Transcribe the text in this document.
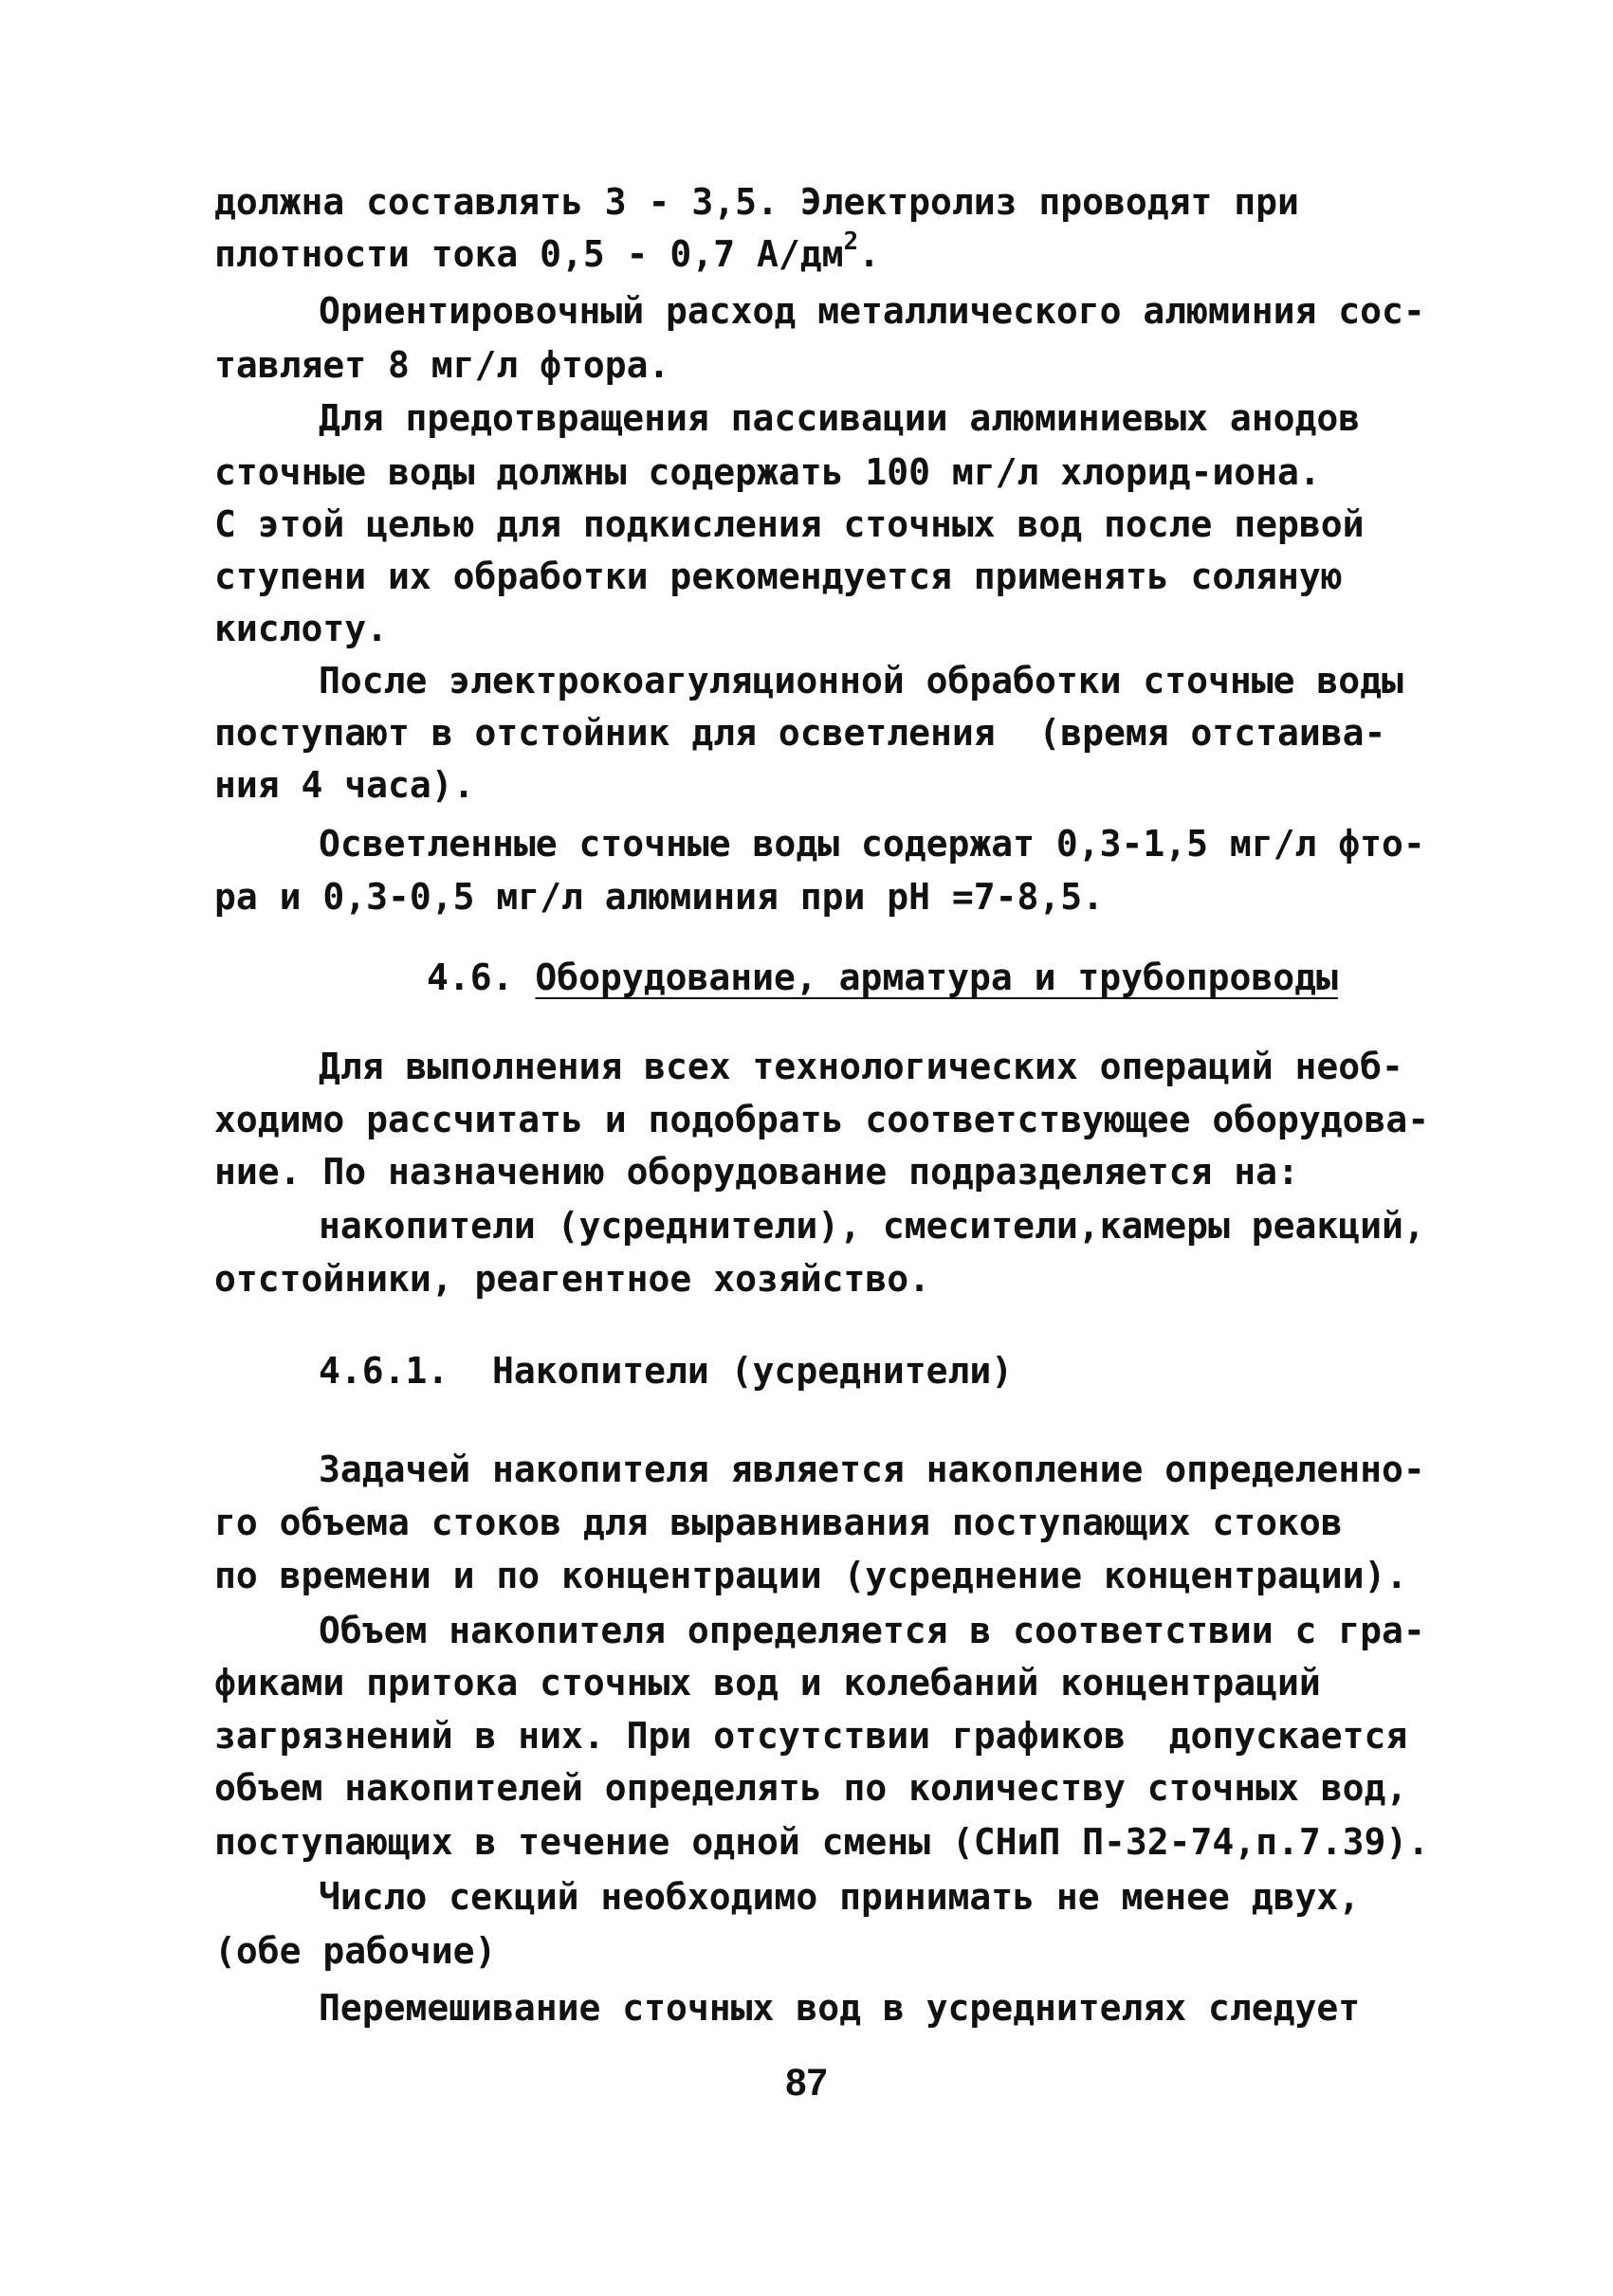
должна составлять 3 - 3,5. Электролиз проводят при
плотности тока 0,5 - 0,7 $А/дм^2$.
Ориентировочный расход металлического алюминия сос-
тавляет 8 мг/л фтора.
Для предотвращения пассивации алюминиевых анодов
сточные воды должны содержать 100 мг/л хлорид-иона.
С этой целью для подкисления сточных вод после первой
ступени их обработки рекомендуется применять соляную
кислоту.
После электрокоагуляционной обработки сточные воды
поступают в отстойник для осветления  (время отстаива-
ния 4 часа).
Осветленные сточные воды содержат 0,3-1,5 мг/л фто-
ра и 0,3-0,5 мг/л алюминия при рН =7-8,5.
4.6. Оборудование, арматура и трубопроводы
Для выполнения всех технологических операций необ-
ходимо рассчитать и подобрать соответствующее оборудова-
ние. По назначению оборудование подразделяется на:
накопители (усреднители), смесители,камеры реакций,
отстойники, реагентное хозяйство.
4.6.1.  Накопители (усреднители)
Задачей накопителя является накопление определенно-
го объема стоков для выравнивания поступающих стоков
по времени и по концентрации (усреднение концентрации).
Объем накопителя определяется в соответствии с гра-
фиками притока сточных вод и колебаний концентраций
загрязнений в них. При отсутствии графиков  допускается
объем накопителей определять по количеству сточных вод,
поступающих в течение одной смены (СНиП П-32-74,п.7.39).
Число секций необходимо принимать не менее двух,
(обе рабочие)
Перемешивание сточных вод в усреднителях следует
87
